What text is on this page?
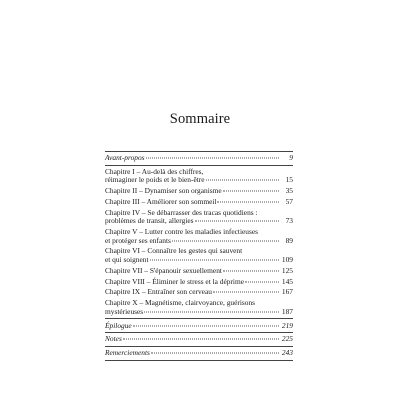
Sommaire
Avant-propos	9
Chapitre I – Au-delà des chiffres,
réimaginer le poids et le bien-être	15
Chapitre II – Dynamiser son organisme	35
Chapitre III – Améliorer son sommeil	57
Chapitre IV – Se débarrasser des tracas quotidiens :
problèmes de transit, allergies	73
Chapitre V – Lutter contre les maladies infectieuses
et protéger ses enfants	89
Chapitre VI – Connaître les gestes qui sauvent
et qui soignent	109
Chapitre VII – S'épanouir sexuellement	125
Chapitre VIII – Éliminer le stress et la déprime	145
Chapitre IX – Entraîner son cerveau	167
Chapitre X – Magnétisme, clairvoyance, guérisons
mystérieuses	187
Épilogue	219
Notes	225
Remerciements	243
